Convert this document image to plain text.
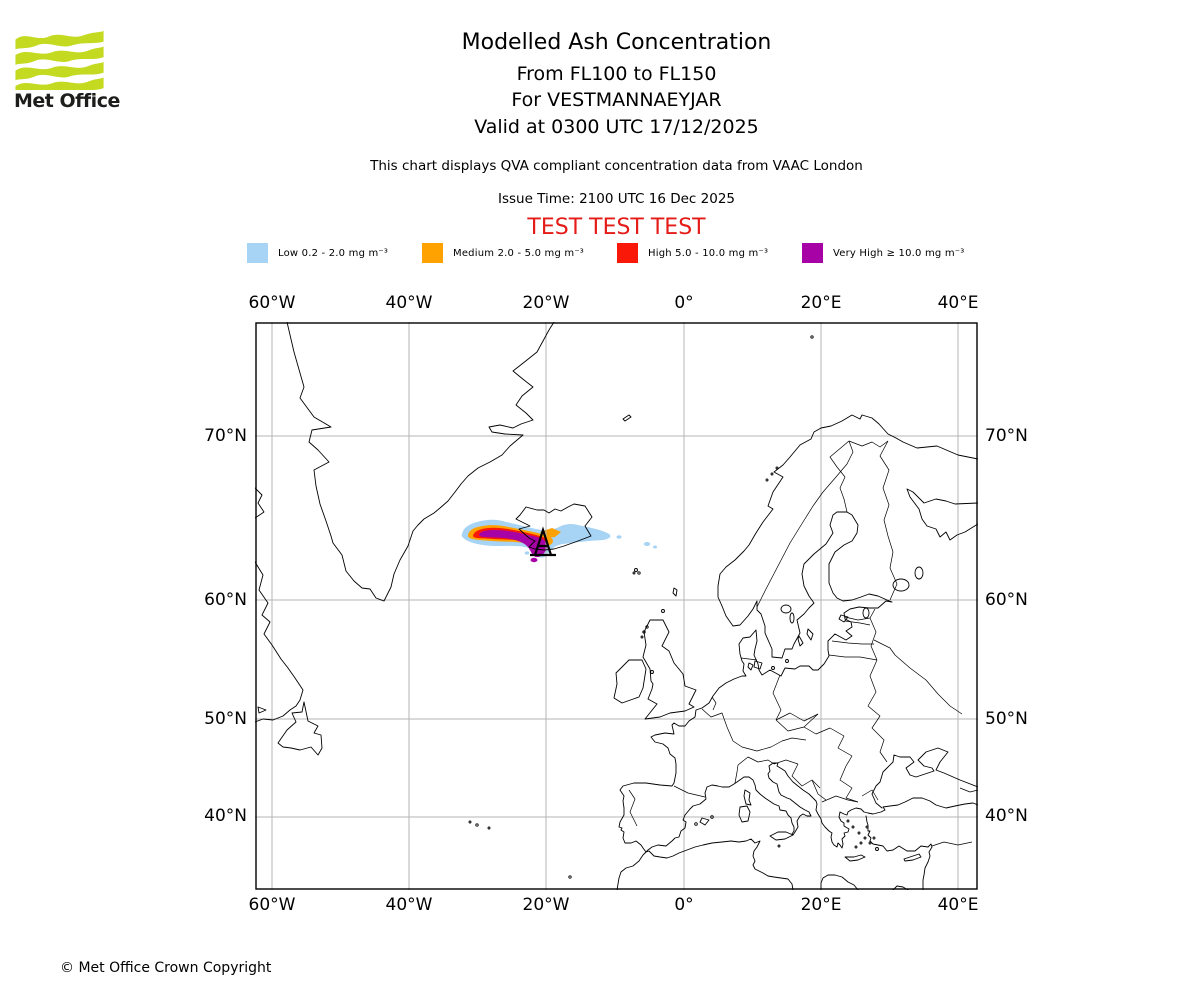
Met Office
Modelled Ash Concentration
From FL100 to FL150
For VESTMANNAEYJAR
Valid at 0300 UTC 17/12/2025
This chart displays QVA compliant concentration data from VAAC London
Issue Time: 2100 UTC 16 Dec 2025
TEST TEST TEST
Low 0.2 - 2.0 mg m⁻³	Medium 2.0 - 5.0 mg m⁻³	High 5.0 - 10.0 mg m⁻³	Very High ≥ 10.0 mg m⁻³
60°W	40°W	20°W	0°	20°E	40°E
60°W	40°W	20°W	0°	20°E	40°E
70°N
60°N
50°N
40°N
70°N
60°N
50°N
40°N
© Met Office Crown Copyright
